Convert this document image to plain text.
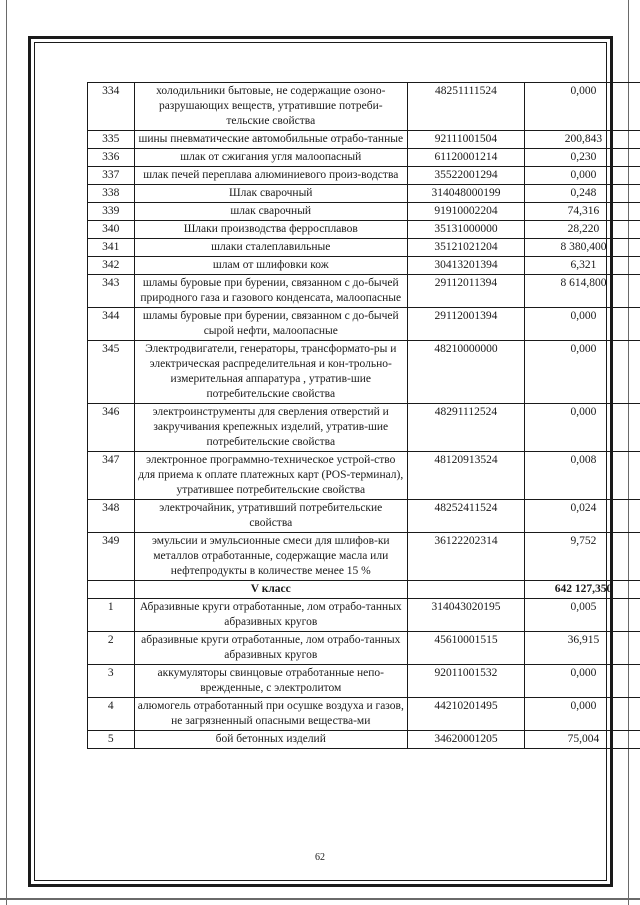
334	холодильники бытовые, не содержащие озоно-разрушающих веществ, утратившие потреби-тельские свойства	48251111524	0,000
335	шины пневматические автомобильные отрабо-танные	92111001504	200,843
336	шлак от сжигания угля малоопасный	61120001214	0,230
337	шлак печей переплава алюминиевого произ-водства	35522001294	0,000
338	Шлак сварочный	314048000199	0,248
339	шлак сварочный	91910002204	74,316
340	Шлаки производства ферросплавов	35131000000	28,220
341	шлаки сталеплавильные	35121021204	8 380,400
342	шлам от шлифовки кож	30413201394	6,321
343	шламы буровые при бурении, связанном с до-бычей природного газа и газового конденсата, малоопасные	29112011394	8 614,800
344	шламы буровые при бурении, связанном с до-бычей сырой нефти, малоопасные	29112001394	0,000
345	Электродвигатели, генераторы, трансформато-ры и электрическая распределительная и кон-трольно-измерительная аппаратура , утратив-шие потребительские свойства	48210000000	0,000
346	электроинструменты для сверления отверстий и закручивания крепежных изделий, утратив-шие потребительские свойства	48291112524	0,000
347	электронное программно-техническое устрой-ство для приема к оплате платежных карт (POS-терминал), утратившее потребительские свойства	48120913524	0,008
348	электрочайник, утративший потребительские свойства	48252411524	0,024
349	эмульсии и эмульсионные смеси для шлифов-ки металлов отработанные, содержащие масла или нефтепродукты в количестве менее 15 %	36122202314	9,752
	V класс		642 127,350
1	Абразивные круги отработанные, лом отрабо-танных абразивных кругов	314043020195	0,005
2	абразивные круги отработанные, лом отрабо-танных абразивных кругов	45610001515	36,915
3	аккумуляторы свинцовые отработанные непо-врежденные, с электролитом	92011001532	0,000
4	алюмогель отработанный при осушке воздуха и газов, не загрязненный опасными вещества-ми	44210201495	0,000
5	бой бетонных изделий	34620001205	75,004
62
